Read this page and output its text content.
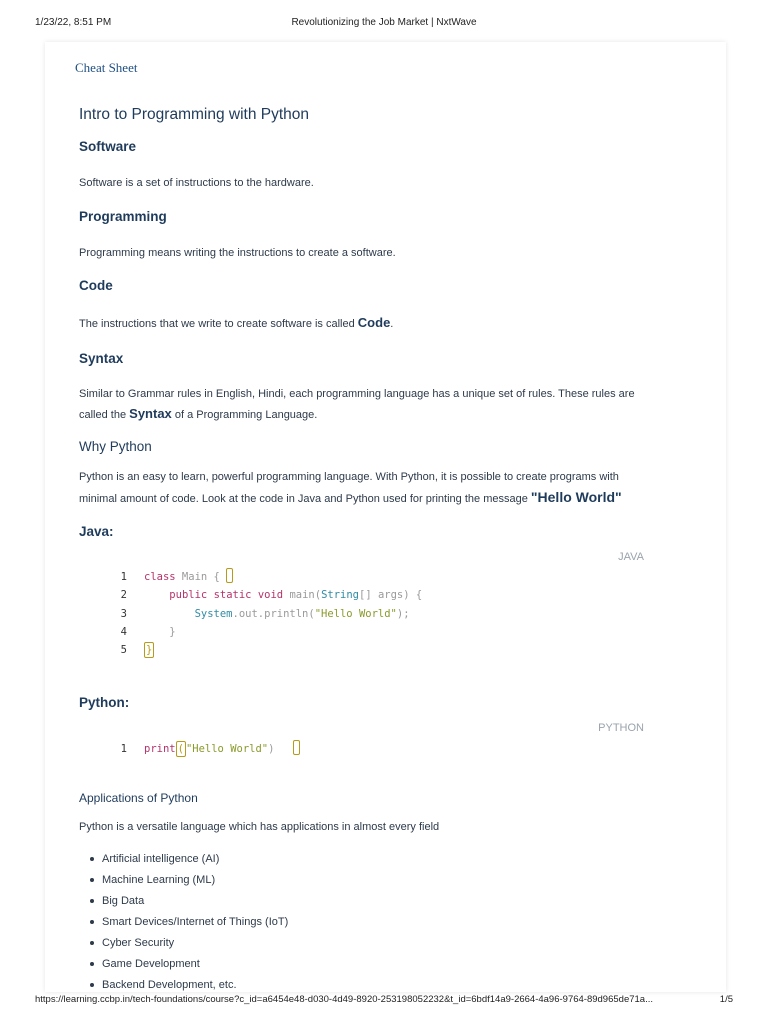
1/23/22, 8:51 PM	Revolutionizing the Job Market | NxtWave
Cheat Sheet
Intro to Programming with Python
Software
Software is a set of instructions to the hardware.
Programming
Programming means writing the instructions to create a software.
Code
The instructions that we write to create software is called Code.
Syntax
Similar to Grammar rules in English, Hindi, each programming language has a unique set of rules. These rules are
called the Syntax of a Programming Language.
Why Python
Python is an easy to learn, powerful programming language. With Python, it is possible to create programs with
minimal amount of code. Look at the code in Java and Python used for printing the message "Hello World"
Java:
JAVA
1 class Main {
2	public static void main(String[] args) {
3	System.out.println("Hello World");
4	}
5 }
Python:
PYTHON
1 print ( "Hello World")
Applications of Python
Python is a versatile language which has applications in almost every field
Artificial intelligence (AI)
Machine Learning (ML)
Big Data
Smart Devices/Internet of Things (IoT)
Cyber Security
Game Development
Backend Development, etc.
https://learning.ccbp.in/tech-foundations/course?c_id=a6454e48-d030-4d49-8920-253198052232&t_id=6bdf14a9-2664-4a96-9764-89d965de71a...	1/5
